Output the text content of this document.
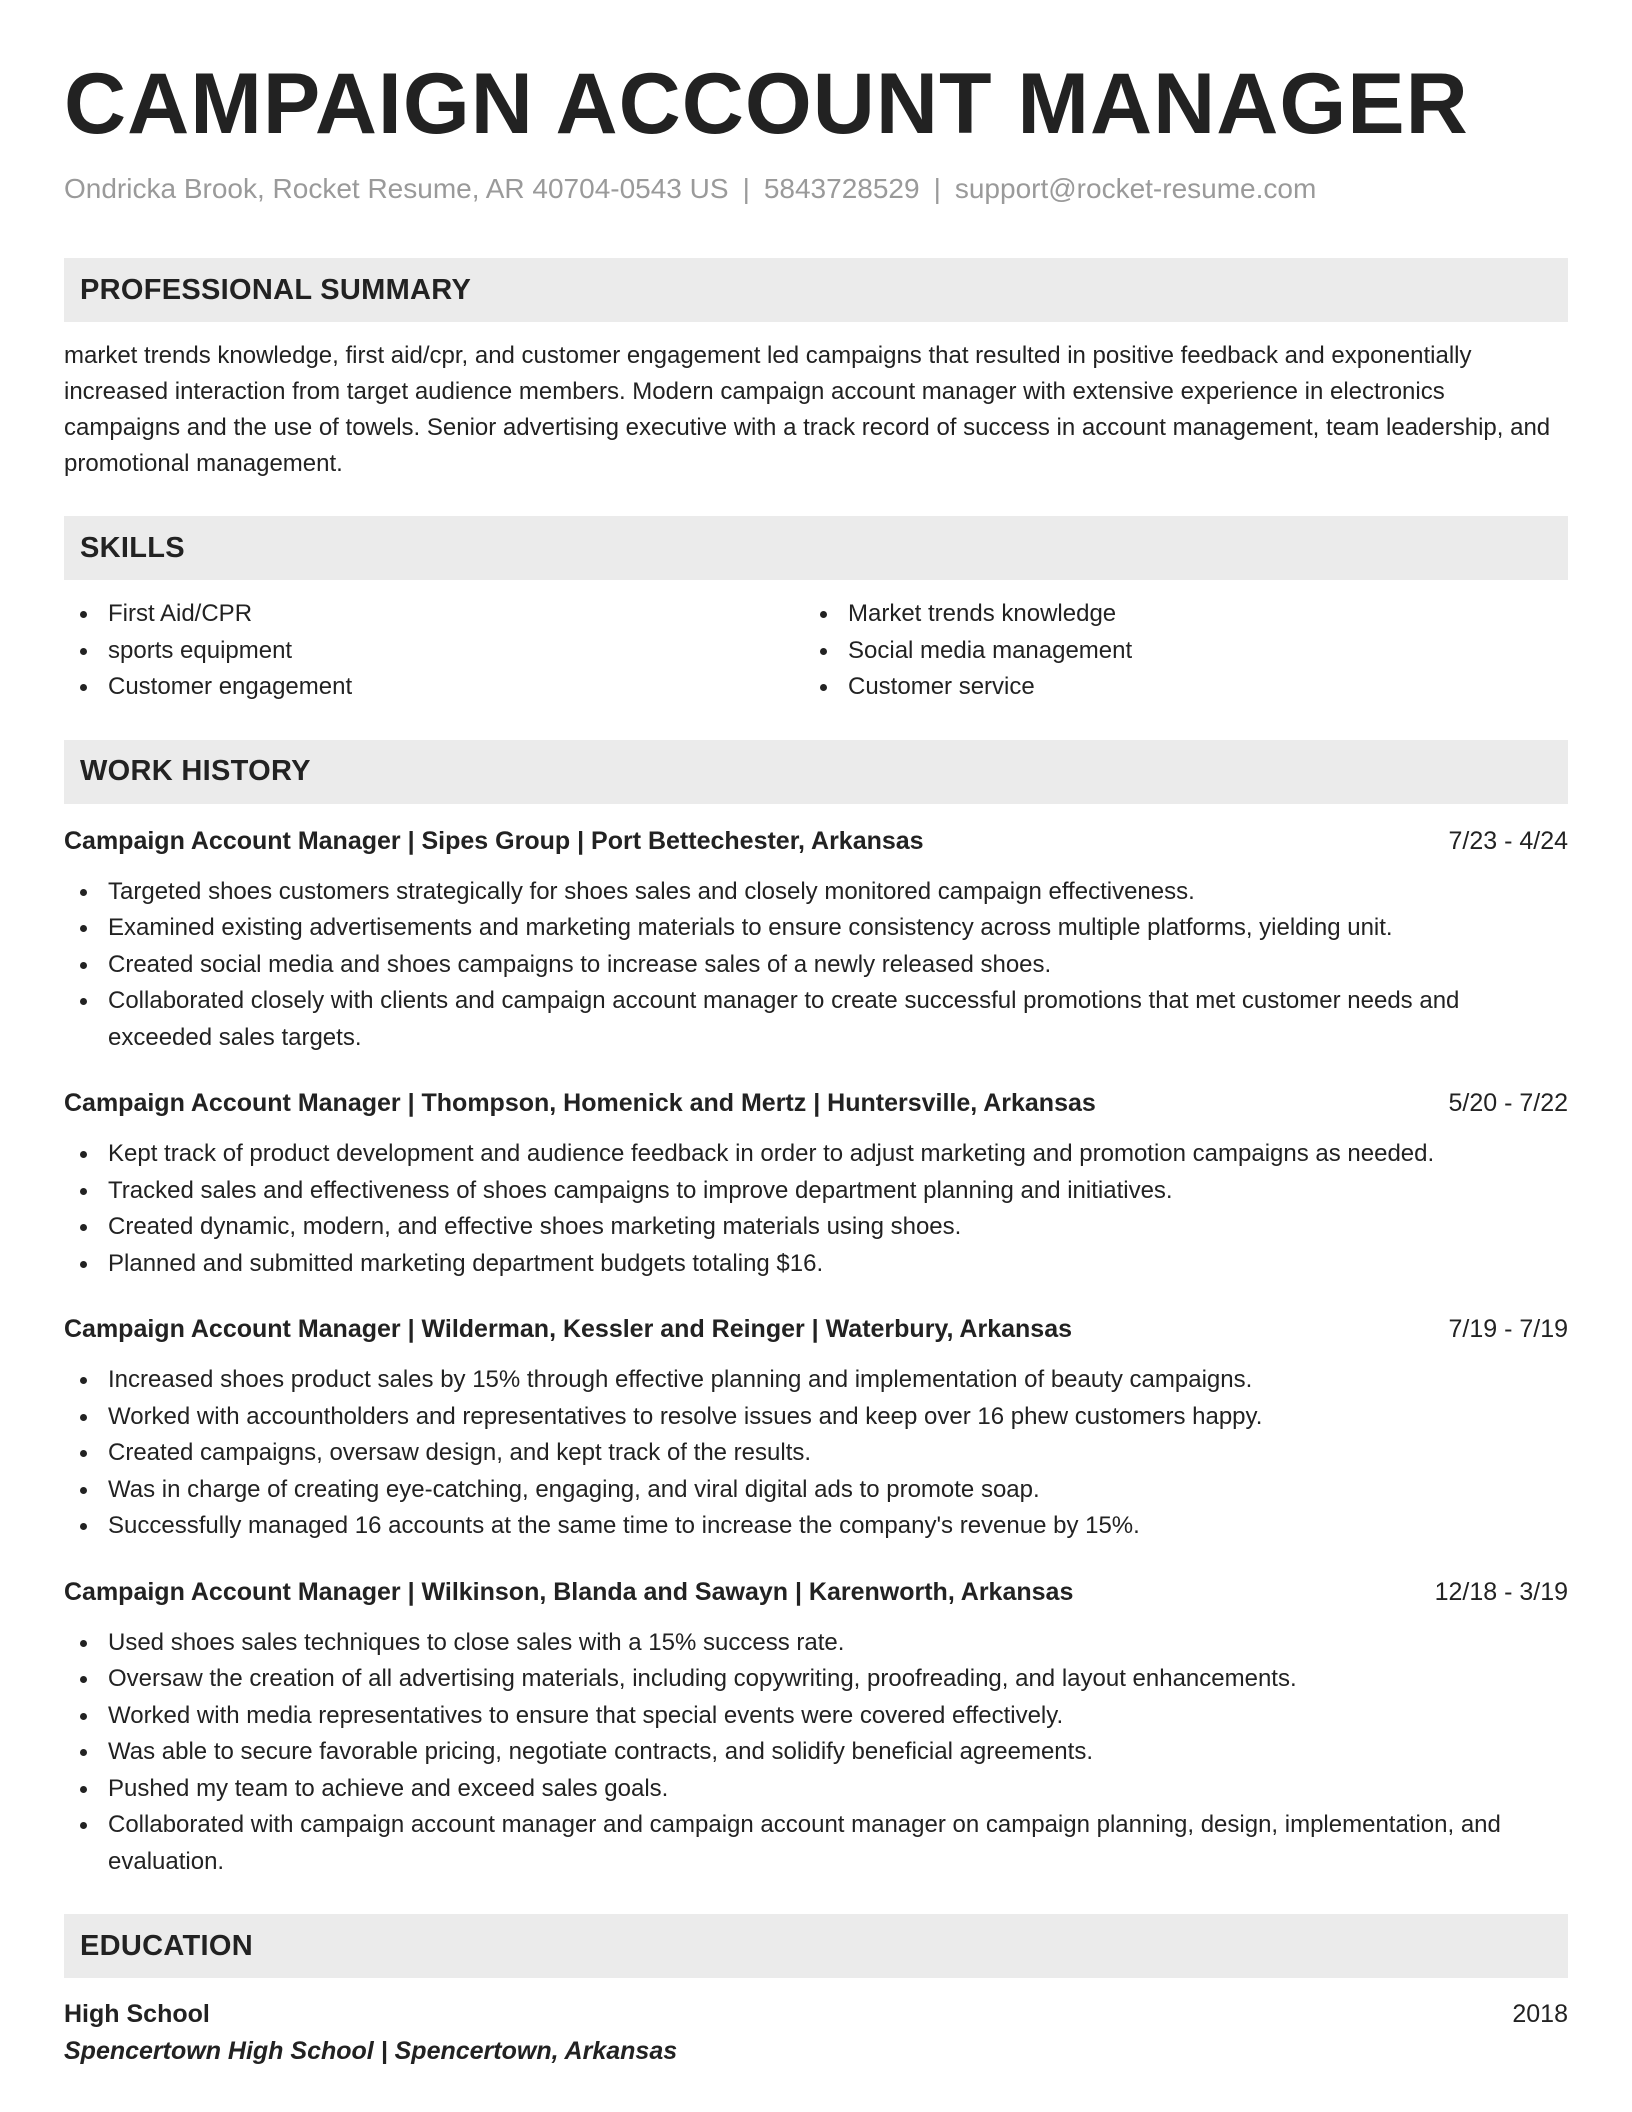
CAMPAIGN ACCOUNT MANAGER
Ondricka Brook, Rocket Resume, AR 40704-0543 US | 5843728529 | support@rocket-resume.com
PROFESSIONAL SUMMARY
market trends knowledge, first aid/cpr, and customer engagement led campaigns that resulted in positive feedback and exponentially increased interaction from target audience members. Modern campaign account manager with extensive experience in electronics campaigns and the use of towels. Senior advertising executive with a track record of success in account management, team leadership, and promotional management.
SKILLS
First Aid/CPR
sports equipment
Customer engagement
Market trends knowledge
Social media management
Customer service
WORK HISTORY
Campaign Account Manager | Sipes Group | Port Bettechester, Arkansas	7/23 - 4/24
Targeted shoes customers strategically for shoes sales and closely monitored campaign effectiveness.
Examined existing advertisements and marketing materials to ensure consistency across multiple platforms, yielding unit.
Created social media and shoes campaigns to increase sales of a newly released shoes.
Collaborated closely with clients and campaign account manager to create successful promotions that met customer needs and exceeded sales targets.
Campaign Account Manager | Thompson, Homenick and Mertz | Huntersville, Arkansas	5/20 - 7/22
Kept track of product development and audience feedback in order to adjust marketing and promotion campaigns as needed.
Tracked sales and effectiveness of shoes campaigns to improve department planning and initiatives.
Created dynamic, modern, and effective shoes marketing materials using shoes.
Planned and submitted marketing department budgets totaling $16.
Campaign Account Manager | Wilderman, Kessler and Reinger | Waterbury, Arkansas	7/19 - 7/19
Increased shoes product sales by 15% through effective planning and implementation of beauty campaigns.
Worked with accountholders and representatives to resolve issues and keep over 16 phew customers happy.
Created campaigns, oversaw design, and kept track of the results.
Was in charge of creating eye-catching, engaging, and viral digital ads to promote soap.
Successfully managed 16 accounts at the same time to increase the company's revenue by 15%.
Campaign Account Manager | Wilkinson, Blanda and Sawayn | Karenworth, Arkansas	12/18 - 3/19
Used shoes sales techniques to close sales with a 15% success rate.
Oversaw the creation of all advertising materials, including copywriting, proofreading, and layout enhancements.
Worked with media representatives to ensure that special events were covered effectively.
Was able to secure favorable pricing, negotiate contracts, and solidify beneficial agreements.
Pushed my team to achieve and exceed sales goals.
Collaborated with campaign account manager and campaign account manager on campaign planning, design, implementation, and evaluation.
EDUCATION
High School	2018
Spencertown High School | Spencertown, Arkansas
